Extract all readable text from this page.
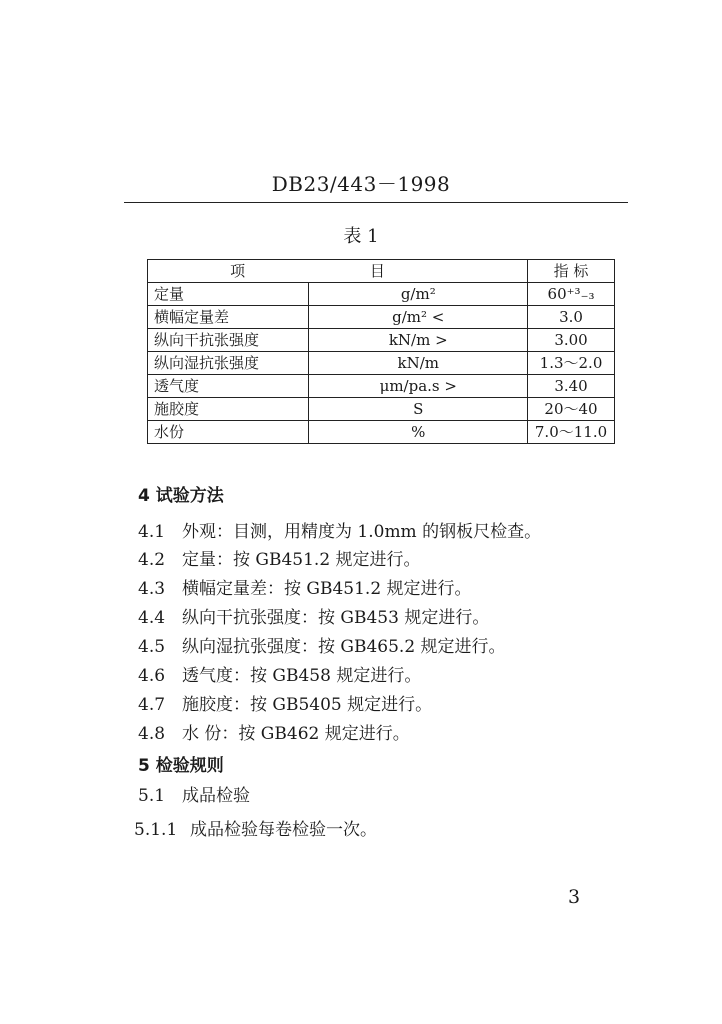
DB23/443－1998
表 1
项 目		指 标
定量	g/m²	60⁺³₋₃
横幅定量差	g/m² <	3.0
纵向干抗张强度	kN/m >	3.00
纵向湿抗张强度	kN/m	1.3～2.0
透气度	μm/pa.s >	3.40
施胶度	S	20～40
水份	%	7.0～11.0
4 试验方法
4.1 外观：目测，用精度为 1.0mm 的钢板尺检查。
4.2 定量：按 GB451.2 规定进行。
4.3 横幅定量差：按 GB451.2 规定进行。
4.4 纵向干抗张强度：按 GB453 规定进行。
4.5 纵向湿抗张强度：按 GB465.2 规定进行。
4.6 透气度：按 GB458 规定进行。
4.7 施胶度：按 GB5405 规定进行。
4.8 水 份：按 GB462 规定进行。
5 检验规则
5.1 成品检验
5.1.1 成品检验每卷检验一次。
3
